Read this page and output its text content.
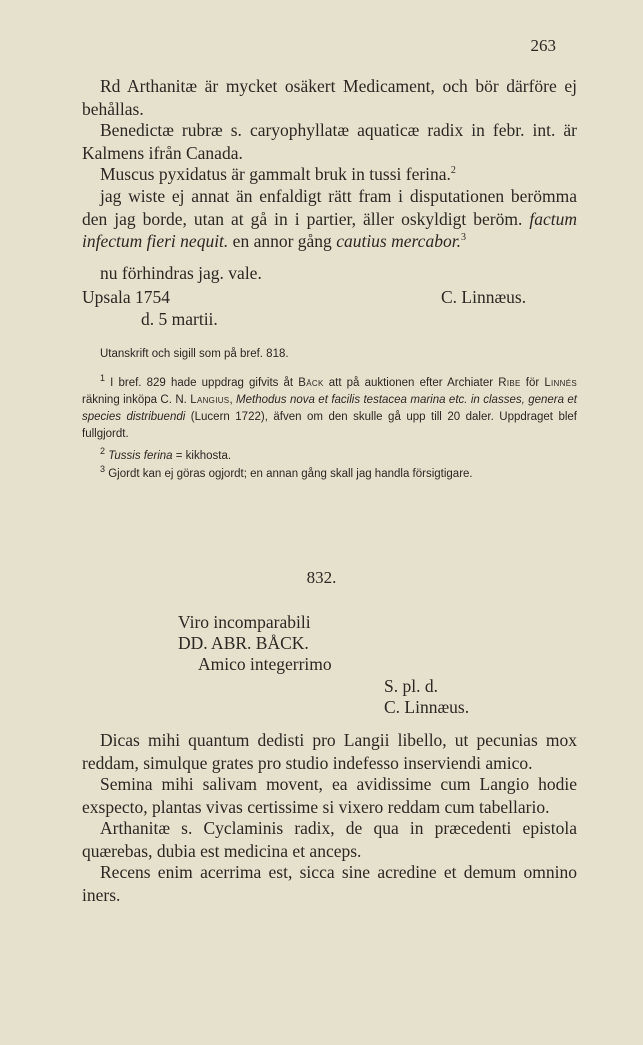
263

Rd Arthanitæ är mycket osäkert Medicament, och bör därföre ej behållas.

Benedictæ rubræ s. caryophyllatæ aquaticæ radix in febr. int. är Kalmens ifrån Canada.

Muscus pyxidatus är gammalt bruk in tussi ferina.$^2$

jag wiste ej annat än enfaldigt rätt fram i disputationen berömma den jag borde, utan at gå in i partier, äller oskyldigt beröm. factum infectum fieri nequit. en annor gång cautius mercabor.$^3$

nu förhindras jag. vale.

Upsala 1754	C. Linnæus.
d. 5 martii.

Utanskrift och sigill som på bref. 818.

$^1$ I bref. 829 hade uppdrag gifvits åt Bäck att på auktionen efter Archiater Ribe för Linnés räkning inköpa C. N. Langius, Methodus nova et facilis testacea marina etc. in classes, genera et species distribuendi (Lucern 1722), äfven om den skulle gå upp till 20 daler. Uppdraget blef fullgjordt.

$^2$ Tussis ferina = kikhosta.

$^3$ Gjordt kan ej göras ogjordt; en annan gång skall jag handla försigtigare.

832.
Viro incomparabili
DD. ABR. BÅCK.
Amico integerrimo
S. pl. d.
C. Linnæus.

Dicas mihi quantum dedisti pro Langii libello, ut pecunias mox reddam, simulque grates pro studio indefesso inserviendi amico.

Semina mihi salivam movent, ea avidissime cum Langio hodie exspecto, plantas vivas certissime si vixero reddam cum tabellario.

Arthanitæ s. Cyclaminis radix, de qua in præcedenti epistola quærebas, dubia est medicina et anceps.

Recens enim acerrima est, sicca sine acredine et demum omnino iners.
